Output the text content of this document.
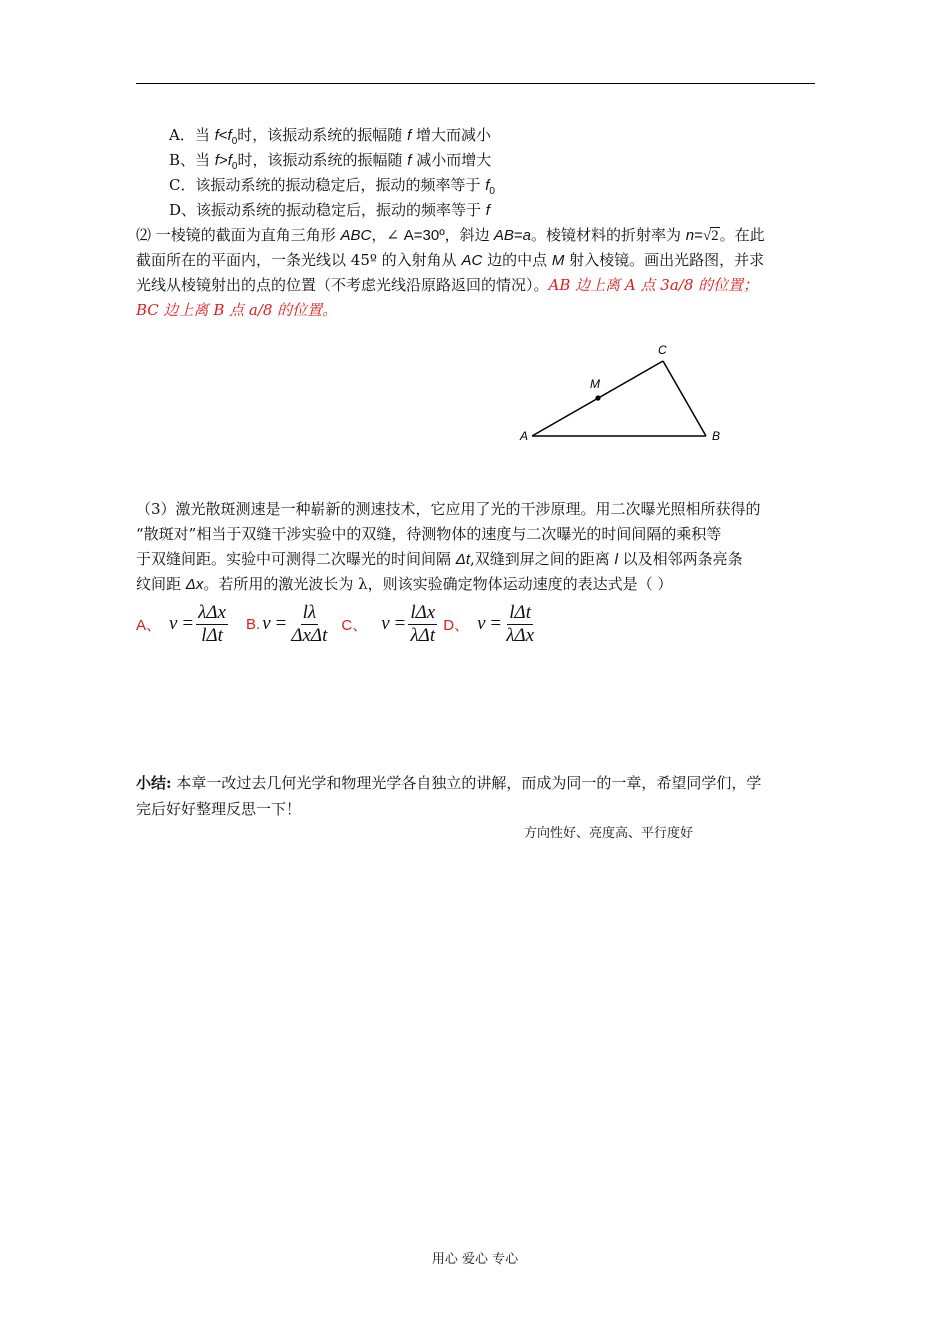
A．当 $f<f_0$时，该振动系统的振幅随 f 增大而减小
B、当 $f>f_0$时，该振动系统的振幅随 f 减小而增大
C．该振动系统的振动稳定后，振动的频率等于 $f_0$
D、该振动系统的振动稳定后，振动的频率等于 f
⑵ 一棱镜的截面为直角三角形 ABC，∠ A=30º，斜边 AB=a。棱镜材料的折射率为 n=√2。在此
截面所在的平面内，一条光线以 45º 的入射角从 AC 边的中点 M 射入棱镜。画出光路图，并求
光线从棱镜射出的点的位置（不考虑光线沿原路返回的情况）。AB 边上离 A 点 3a/8 的位置；
BC 边上离 B 点 a/8 的位置。
A	B
C
M
（3）激光散斑测速是一种崭新的测速技术，它应用了光的干涉原理。用二次曝光照相所获得的
“散斑对”相当于双缝干涉实验中的双缝，待测物体的速度与二次曝光的时间间隔的乘积等
于双缝间距。实验中可测得二次曝光的时间间隔 Δt,双缝到屏之间的距离 l 以及相邻两条亮条
纹间距 Δx。若所用的激光波长为 λ，则该实验确定物体运动速度的表达式是（ ）
A、 $v = \frac{\text{λΔx}}{\text{lΔt}} B$. $v = \frac{l\lambda}{\text{ΔxΔt}}$ C、 $v = \frac{\text{lΔx}}{\text{λΔt}}$ D、 $v = \frac{\text{lΔt}}{\text{λΔx}}$
小结: 本章一改过去几何光学和物理光学各自独立的讲解，而成为同一的一章，希望同学们，学
完后好好整理反思一下！
方向性好、亮度高、平行度好
用心 爱心 专心
